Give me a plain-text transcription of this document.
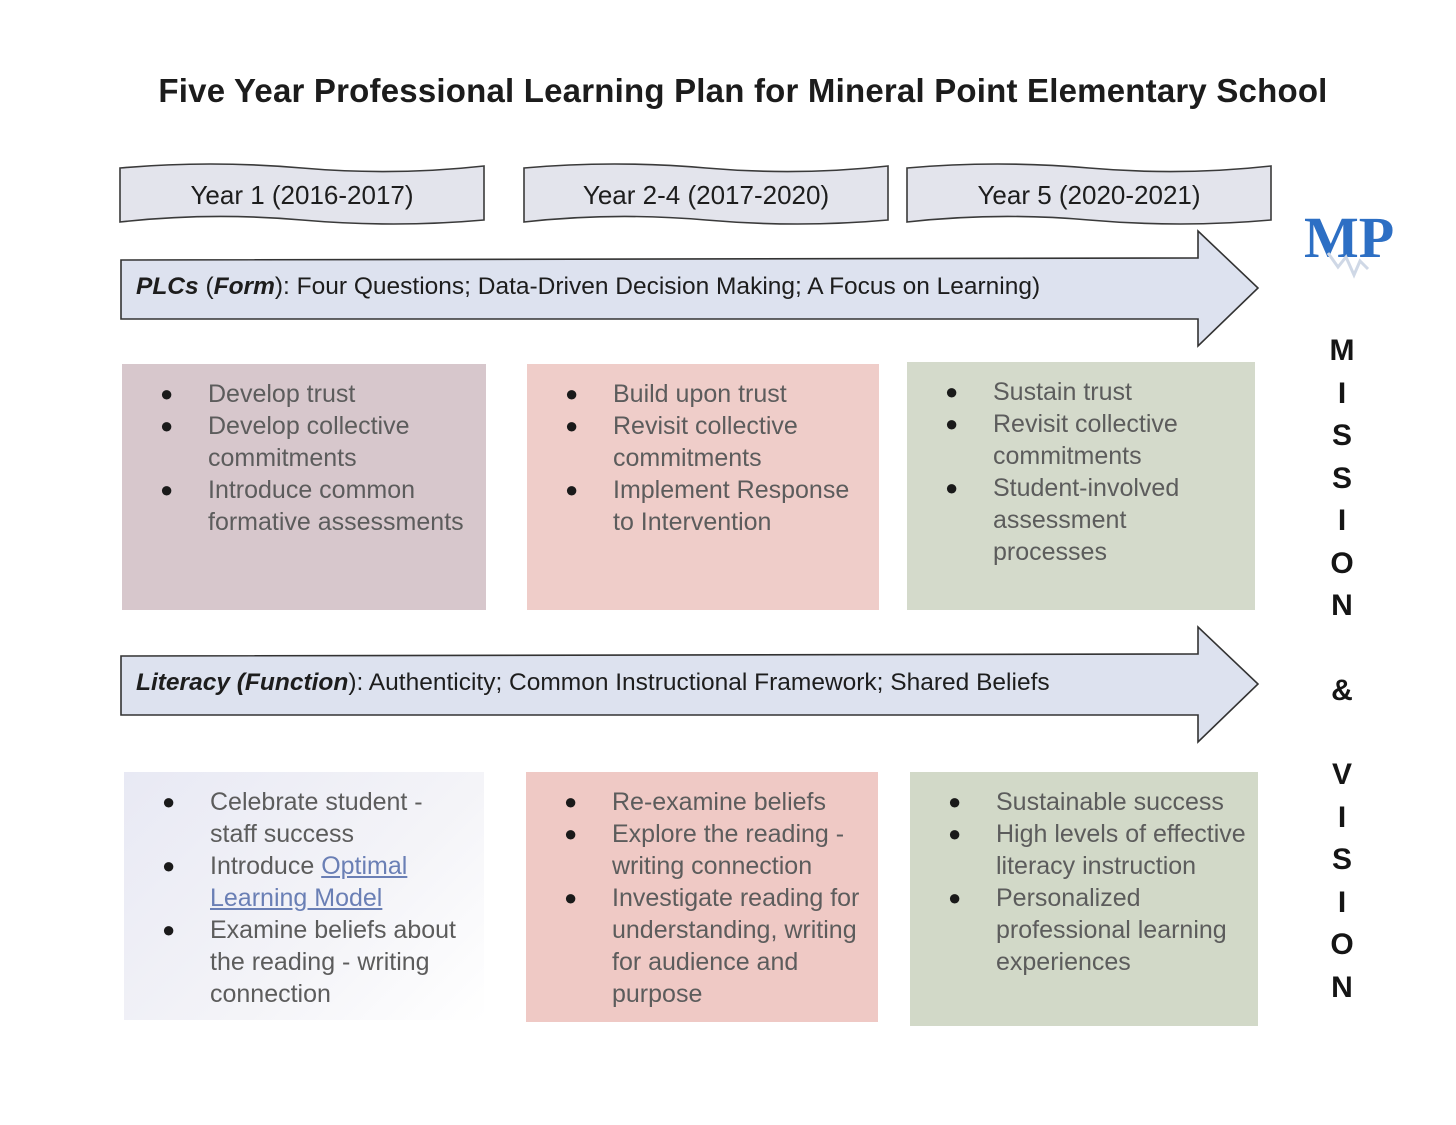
Five Year Professional Learning Plan for Mineral Point Elementary School
Year 1 (2016-2017)	Year 2-4 (2017-2020)	Year 5 (2020-2021)
PLCs (Form): Four Questions; Data-Driven Decision Making; A Focus on Learning)
● Develop trust
● Develop collective commitments
● Introduce common formative assessments
● Build upon trust
● Revisit collective commitments
● Implement Response to Intervention
● Sustain trust
● Revisit collective commitments
● Student-involved assessment processes
Literacy (Function): Authenticity; Common Instructional Framework; Shared Beliefs
● Celebrate student - staff success
● Introduce Optimal Learning Model
● Examine beliefs about the reading - writing connection
● Re-examine beliefs
● Explore the reading - writing connection
● Investigate reading for understanding, writing for audience and purpose
● Sustainable success
● High levels of effective literacy instruction
● Personalized professional learning experiences
MP
M
I
S
S
I
O
N
&
V
I
S
I
O
N
